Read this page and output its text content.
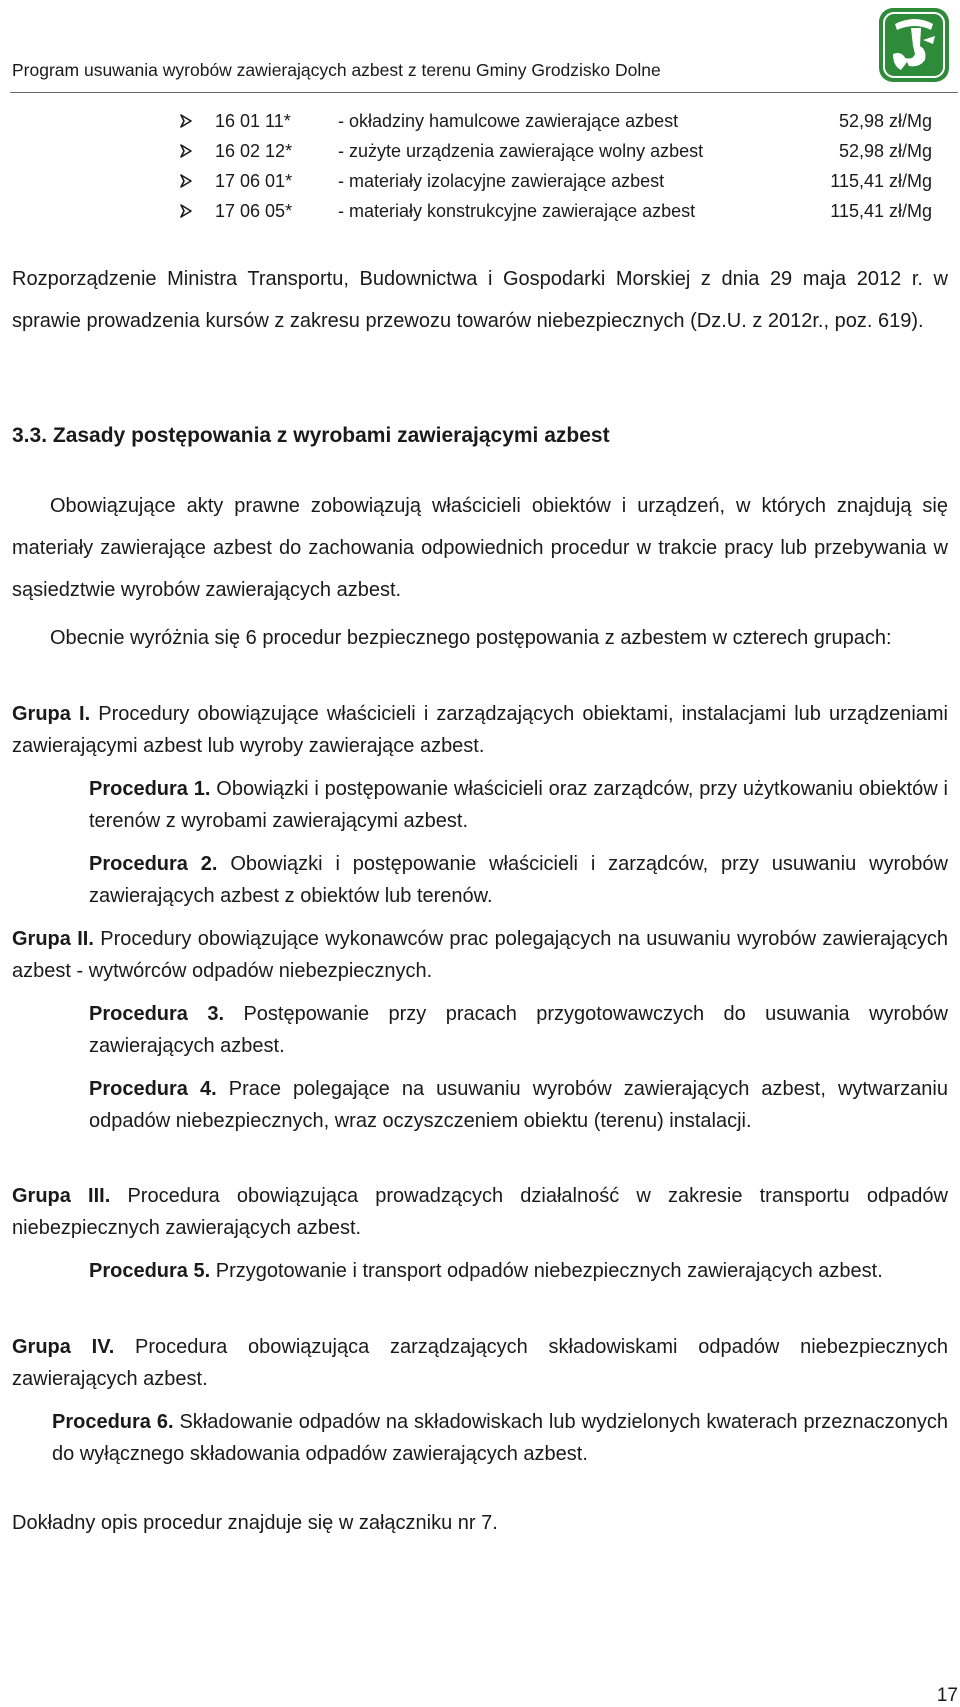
Program usuwania wyrobów zawierających azbest z terenu Gminy Grodzisko Dolne
16 01 11*	- okładziny hamulcowe zawierające azbest	52,98 zł/Mg
16 02 12*	- zużyte urządzenia zawierające wolny azbest	52,98 zł/Mg
17 06 01*	- materiały izolacyjne zawierające azbest	115,41 zł/Mg
17 06 05*	- materiały konstrukcyjne zawierające azbest	115,41 zł/Mg
Rozporządzenie Ministra Transportu, Budownictwa i Gospodarki Morskiej z dnia 29 maja 2012 r. w sprawie prowadzenia kursów z zakresu przewozu towarów niebezpiecznych (Dz.U. z 2012r., poz. 619).
3.3. Zasady postępowania z wyrobami zawierającymi azbest
Obowiązujące akty prawne zobowiązują właścicieli obiektów i urządzeń, w których znajdują się materiały zawierające azbest do zachowania odpowiednich procedur w trakcie pracy lub przebywania w sąsiedztwie wyrobów zawierających azbest.
Obecnie wyróżnia się 6 procedur bezpiecznego postępowania z azbestem w czterech grupach:
Grupa I. Procedury obowiązujące właścicieli i zarządzających obiektami, instalacjami lub urządzeniami zawierającymi azbest lub wyroby zawierające azbest.
Procedura 1. Obowiązki i postępowanie właścicieli oraz zarządców, przy użytkowaniu obiektów i terenów z wyrobami zawierającymi azbest.
Procedura 2. Obowiązki i postępowanie właścicieli i zarządców, przy usuwaniu wyrobów zawierających azbest z obiektów lub terenów.
Grupa II. Procedury obowiązujące wykonawców prac polegających na usuwaniu wyrobów zawierających azbest - wytwórców odpadów niebezpiecznych.
Procedura 3. Postępowanie przy pracach przygotowawczych do usuwania wyrobów zawierających azbest.
Procedura 4. Prace polegające na usuwaniu wyrobów zawierających azbest, wytwarzaniu odpadów niebezpiecznych, wraz oczyszczeniem obiektu (terenu) instalacji.
Grupa III. Procedura obowiązująca prowadzących działalność w zakresie transportu odpadów niebezpiecznych zawierających azbest.
Procedura 5. Przygotowanie i transport odpadów niebezpiecznych zawierających azbest.
Grupa IV. Procedura obowiązująca zarządzających składowiskami odpadów niebezpiecznych zawierających azbest.
Procedura 6. Składowanie odpadów na składowiskach lub wydzielonych kwaterach przeznaczonych do wyłącznego składowania odpadów zawierających azbest.
Dokładny opis procedur znajduje się w załączniku nr 7.
17
